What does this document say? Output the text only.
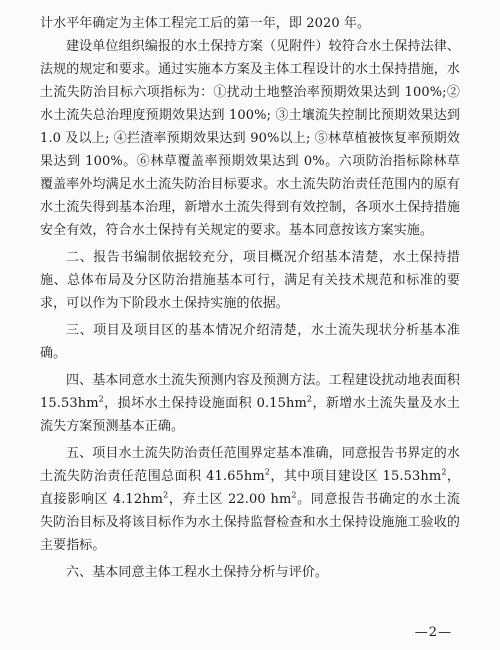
计水平年确定为主体工程完工后的第一年，即 2020 年。

建设单位组织编报的水土保持方案（见附件）较符合水土保持法律、法规的规定和要求。通过实施本方案及主体工程设计的水土保持措施，水土流失防治目标六项指标为：①扰动土地整治率预期效果达到 100%;②水土流失总治理度预期效果达到 100%; ③土壤流失控制比预期效果达到 1.0 及以上; ④拦渣率预期效果达到 90%以上; ⑤林草植被恢复率预期效果达到 100%。⑥林草覆盖率预期效果达到 0%。六项防治指标除林草覆盖率外均满足水土流失防治目标要求。水土流失防治责任范围内的原有水土流失得到基本治理，新增水土流失得到有效控制，各项水土保持措施安全有效，符合水土保持有关规定的要求。基本同意按该方案实施。

二、报告书编制依据较充分，项目概况介绍基本清楚，水土保持措施、总体布局及分区防治措施基本可行，满足有关技术规范和标准的要求，可以作为下阶段水土保持实施的依据。

三、项目及项目区的基本情况介绍清楚，水土流失现状分析基本准确。

四、基本同意水土流失预测内容及预测方法。工程建设扰动地表面积 $15.53hm^2$，损坏水土保持设施面积 $0.15hm^2$，新增水土流失量及水土流失方案预测基本正确。

五、项目水土流失防治责任范围界定基本准确，同意报告书界定的水土流失防治责任范围总面积 $41.65hm^2$，其中项目建设区 $15.53hm^2$，直接影响区 $4.12hm^2$，弃土区 22.00 $hm^2$。同意报告书确定的水土流失防治目标及将该目标作为水土保持监督检查和水土保持设施施工验收的主要指标。

六、基本同意主体工程水土保持分析与评价。

—2—
